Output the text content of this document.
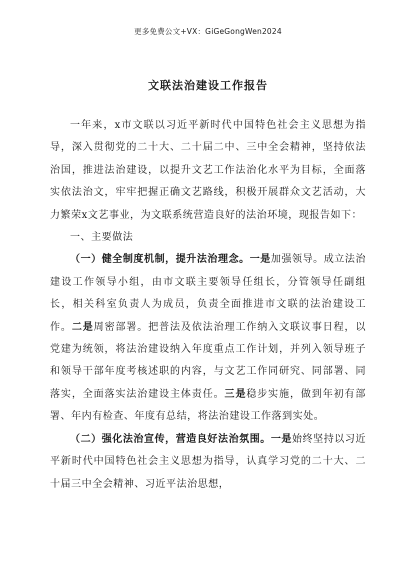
更多免费公文+VX：GiGeGongWen2024
文联法治建设工作报告

一年来，x市文联以习近平新时代中国特色社会主义思想为指导，深入贯彻党的二十大、二十届二中、三中全会精神，坚持依法治国，推进法治建设，以提升文艺工作法治化水平为目标，全面落实依法治文，牢牢把握正确文艺路线，积极开展群众文艺活动，大力繁荣x文艺事业，为文联系统营造良好的法治环境，现报告如下：

一、主要做法

（一）健全制度机制，提升法治理念。一是加强领导。成立法治建设工作领导小组，由市文联主要领导任组长，分管领导任副组长，相关科室负责人为成员，负责全面推进市文联的法治建设工作。二是周密部署。把普法及依法治理工作纳入文联议事日程，以党建为统领，将法治建设纳入年度重点工作计划，并列入领导班子和领导干部年度考核述职的内容，与文艺工作同研究、同部署、同落实，全面落实法治建设主体责任。三是稳步实施，做到年初有部署、年内有检查、年度有总结，将法治建设工作落到实处。

（二）强化法治宣传，营造良好法治氛围。一是始终坚持以习近平新时代中国特色社会主义思想为指导，认真学习党的二十大、二十届三中全会精神、习近平法治思想，
